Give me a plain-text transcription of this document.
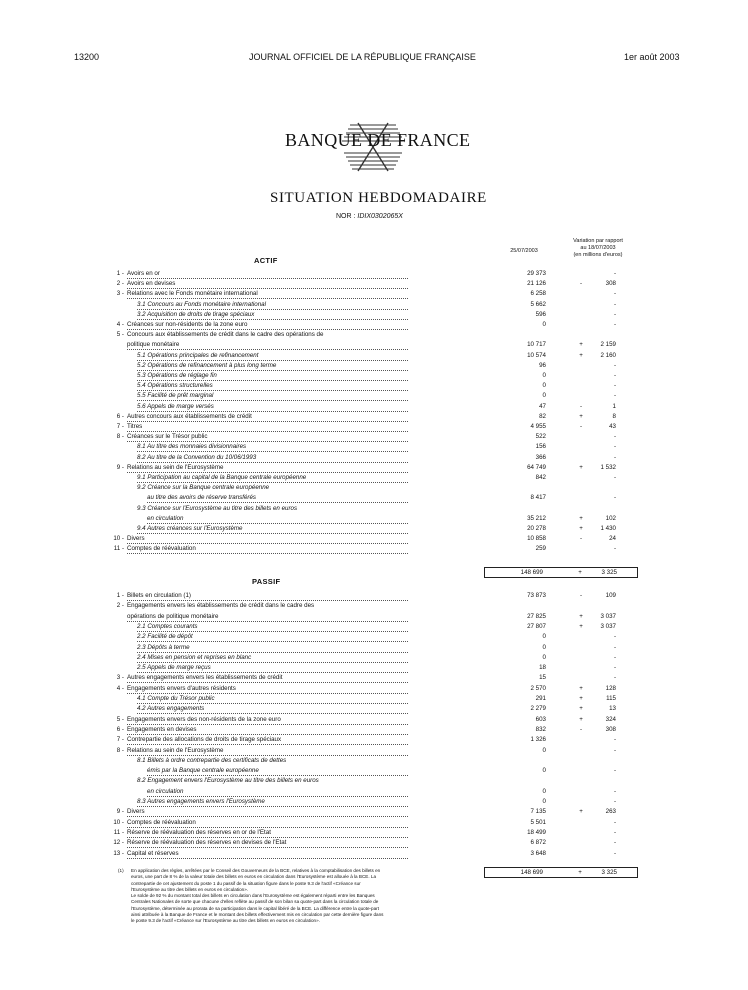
13200	JOURNAL OFFICIEL DE LA RÉPUBLIQUE FRANÇAISE	1er août 2003
BANQUE DE FRANCE
SITUATION HEBDOMADAIRE
NOR : IDIX0302065X
25/07/2003
Variation par rapport
au 18/07/2003
(en millions d'euros)
ACTIF
1 - Avoirs en or	29 373	-
2 - Avoirs en devises	21 126	-	308
3 - Relations avec le Fonds monétaire international	6 258	-
3.1 Concours au Fonds monétaire international	5 662	-
3.2 Acquisition de droits de tirage spéciaux	596	-
4 - Créances sur non-résidents de la zone euro	0	-
5 - Concours aux établissements de crédit dans le cadre des opérations de
politique monétaire	10 717	+	2 159
5.1 Opérations principales de refinancement	10 574	+	2 160
5.2 Opérations de refinancement à plus long terme	96	-
5.3 Opérations de réglage fin	0	-
5.4 Opérations structurelles	0	-
5.5 Facilité de prêt marginal	0	-
5.6 Appels de marge versés	47	-	1
6 - Autres concours aux établissements de crédit	82	+	8
7 - Titres	4 955	-	43
8 - Créances sur le Trésor public	522	-
8.1 Au titre des monnaies divisionnaires	156	-
8.2 Au titre de la Convention du 10/06/1993	366	-
9 - Relations au sein de l'Eurosystème	64 749	+	1 532
9.1 Participation au capital de la Banque centrale européenne	842	-
9.2 Créance sur la Banque centrale européenne
au titre des avoirs de réserve transférés	8 417	-
9.3 Créance sur l'Eurosystème au titre des billets en euros
en circulation	35 212	+	102
9.4 Autres créances sur l'Eurosystème	20 278	+	1 430
10 - Divers	10 858	-	24
11 - Comptes de réévaluation	259	-
148 699	+	3 325
PASSIF
1 - Billets en circulation (1)	73 873	-	109
2 - Engagements envers les établissements de crédit dans le cadre des
opérations de politique monétaire	27 825	+	3 037
2.1 Comptes courants	27 807	+	3 037
2.2 Facilité de dépôt	0	-
2.3 Dépôts à terme	0	-
2.4 Mises en pension et reprises en blanc	0	-
2.5 Appels de marge reçus	18	-
3 - Autres engagements envers les établissements de crédit	15	-
4 - Engagements envers d'autres résidents	2 570	+	128
4.1 Compte du Trésor public	291	+	115
4.2 Autres engagements	2 279	+	13
5 - Engagements envers des non-résidents de la zone euro	603	+	324
6 - Engagements en devises	832	-	308
7 - Contrepartie des allocations de droits de tirage spéciaux	1 326	-
8 - Relations au sein de l'Eurosystème	0	-
8.1 Billets à ordre contrepartie des certificats de dettes
émis par la Banque centrale européenne	0	-
8.2 Engagement envers l'Eurosystème au titre des billets en euros
en circulation	0	-
8.3 Autres engagements envers l'Eurosystème	0	-
9 - Divers	7 135	+	263
10 - Comptes de réévaluation	5 501	-
11 - Réserve de réévaluation des réserves en or de l'Etat	18 499	-
12 - Réserve de réévaluation des réserves en devises de l'Etat	6 872	-
13 - Capital et réserves	3 648	-
148 699	+	3 325
(1) En application des règles, arrêtées par le Conseil des Gouverneurs de la BCE, relatives à la comptabilisation des billets en
euros, une part de 8 % de la valeur totale des billets en euros en circulation dans l'Eurosystème est allouée à la BCE. La
contrepartie de cet ajustement du poste 1 du passif de la situation figure dans le poste 9.3 de l'actif «Créance sur
l'Eurosystème au titre des billets en euros en circulation».
Le solde de 92 % du montant total des billets en circulation dans l'Eurosystème est également réparti entre les Banques
Centrales Nationales de sorte que chacune d'elles reflète au passif de son bilan sa quote-part dans la circulation totale de
l'Eurosystème, déterminée au prorata de sa participation dans le capital libéré de la BCE. La différence entre la quote-part
ainsi attribuée à la Banque de France et le montant des billets effectivement mis en circulation par cette dernière figure dans
le poste 9.3 de l'actif «Créance sur l'Eurosystème au titre des billets en euros en circulation».
